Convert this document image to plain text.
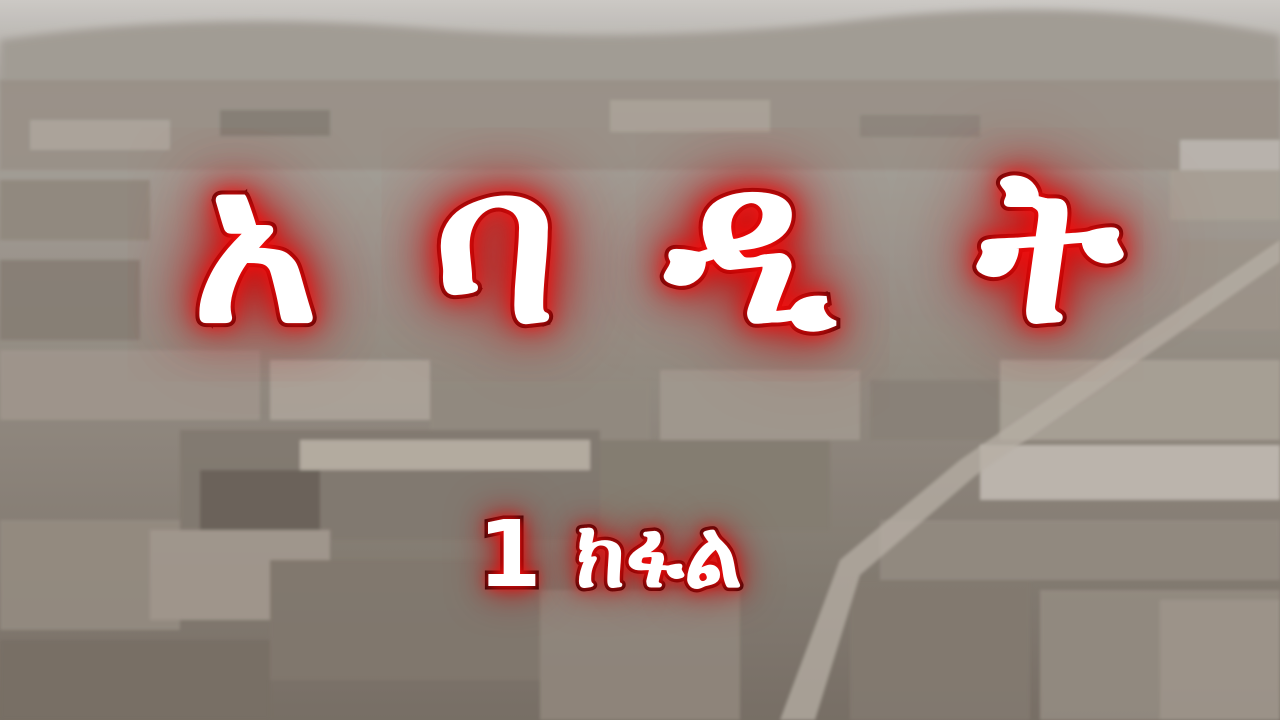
አ ባ ዲ ት
1 ክፋል
